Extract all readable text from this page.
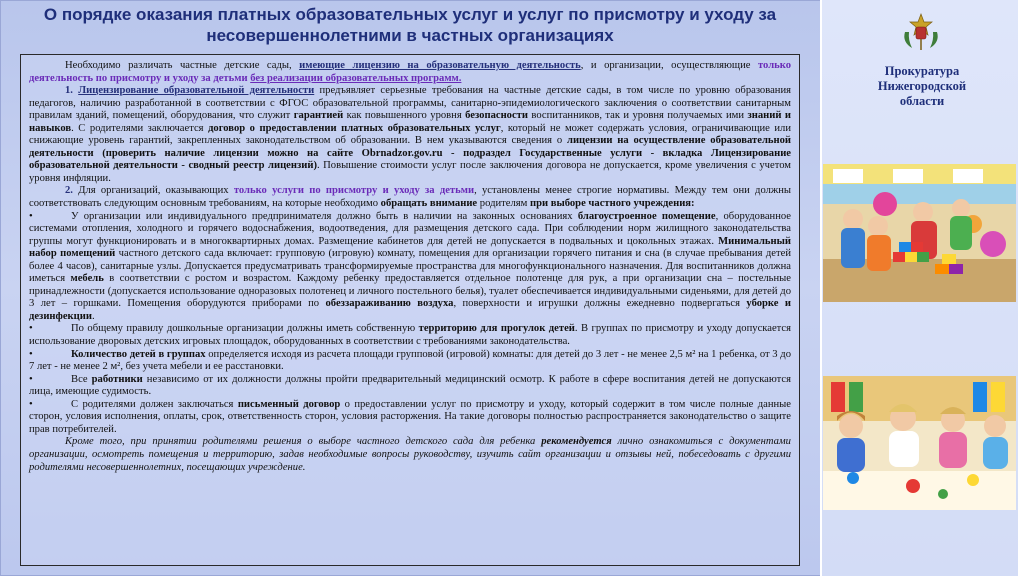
О порядке оказания платных образовательных услуг и услуг по присмотру и уходу за
несовершеннолетними в частных организациях

Необходимо различать частные детские сады, имеющие лицензию на образовательную деятельность, и организации, осуществляющие только деятельность по присмотру и уходу за детьми без реализации образовательных программ.

1. Лицензирование образовательной деятельности предъявляет серьезные требования на частные детские сады, в том числе по уровню образования педагогов, наличию разработанной в соответствии с ФГОС образовательной программы, санитарно-эпидемиологического заключения о соответствии санитарным правилам зданий, помещений, оборудования, что служит гарантией как повышенного уровня безопасности воспитанников, так и уровня получаемых ими знаний и навыков. С родителями заключается договор о предоставлении платных образовательных услуг, который не может содержать условия, ограничивающие или снижающие уровень гарантий, закрепленных законодательством об образовании. В нем указываются сведения о лицензии на осуществление образовательной деятельности (проверить наличие лицензии можно на сайте Obrnadzor.gov.ru - подраздел Государственные услуги - вкладка Лицензирование образовательной деятельности - сводный реестр лицензий). Повышение стоимости услуг после заключения договора не допускается, кроме увеличения с учетом уровня инфляции.

2. Для организаций, оказывающих только услуги по присмотру и уходу за детьми, установлены менее строгие нормативы. Между тем они должны соответствовать следующим основным требованиям, на которые необходимо обращать внимание родителям при выборе частного учреждения:

•	У организации или индивидуального предпринимателя должно быть в наличии на законных основаниях благоустроенное помещение, оборудованное системами отопления, холодного и горячего водоснабжения, водоотведения, для размещения детского сада. При соблюдении норм жилищного законодательства группы могут функционировать и в многоквартирных домах. Размещение кабинетов для детей не допускается в подвальных и цокольных этажах. Минимальный набор помещений частного детского сада включает: групповую (игровую) комнату, помещения для организации горячего питания и сна (в случае пребывания детей более 4 часов), санитарные узлы. Допускается предусматривать трансформируемые пространства для многофункционального назначения. Для воспитанников должна иметься мебель в соответствии с ростом и возрастом. Каждому ребенку предоставляется отдельное полотенце для рук, а при организации сна – постельные принадлежности (допускается использование одноразовых полотенец и личного постельного белья), туалет обеспечивается индивидуальными сиденьями, для детей до 3 лет – горшками. Помещения оборудуются приборами по обеззараживанию воздуха, поверхности и игрушки должны ежедневно подвергаться уборке и дезинфекции.

•	По общему правилу дошкольные организации должны иметь собственную территорию для прогулок детей. В группах по присмотру и уходу допускается использование дворовых детских игровых площадок, оборудованных в соответствии с требованиями законодательства.

•	Количество детей в группах определяется исходя из расчета площади групповой (игровой) комнаты: для детей до 3 лет - не менее 2,5 м² на 1 ребенка, от 3 до 7 лет - не менее 2 м², без учета мебели и ее расстановки.

•	Все работники независимо от их должности должны пройти предварительный медицинский осмотр. К работе в сфере воспитания детей не допускаются лица, имеющие судимость.

•	С родителями должен заключаться письменный договор о предоставлении услуг по присмотру и уходу, который содержит в том числе полные данные сторон, условия исполнения, оплаты, срок, ответственность сторон, условия расторжения. На такие договоры полностью распространяется законодательство о защите прав потребителей.

Кроме того, при принятии родителями решения о выборе частного детского сада для ребенка рекомендуется лично ознакомиться с документами организации, осмотреть помещения и территорию, задав необходимые вопросы руководству, изучить сайт организации и отзывы ней, побеседовать с другими родителями несовершеннолетних, посещающих учреждение.

Прокуратура
Нижегородской
области
